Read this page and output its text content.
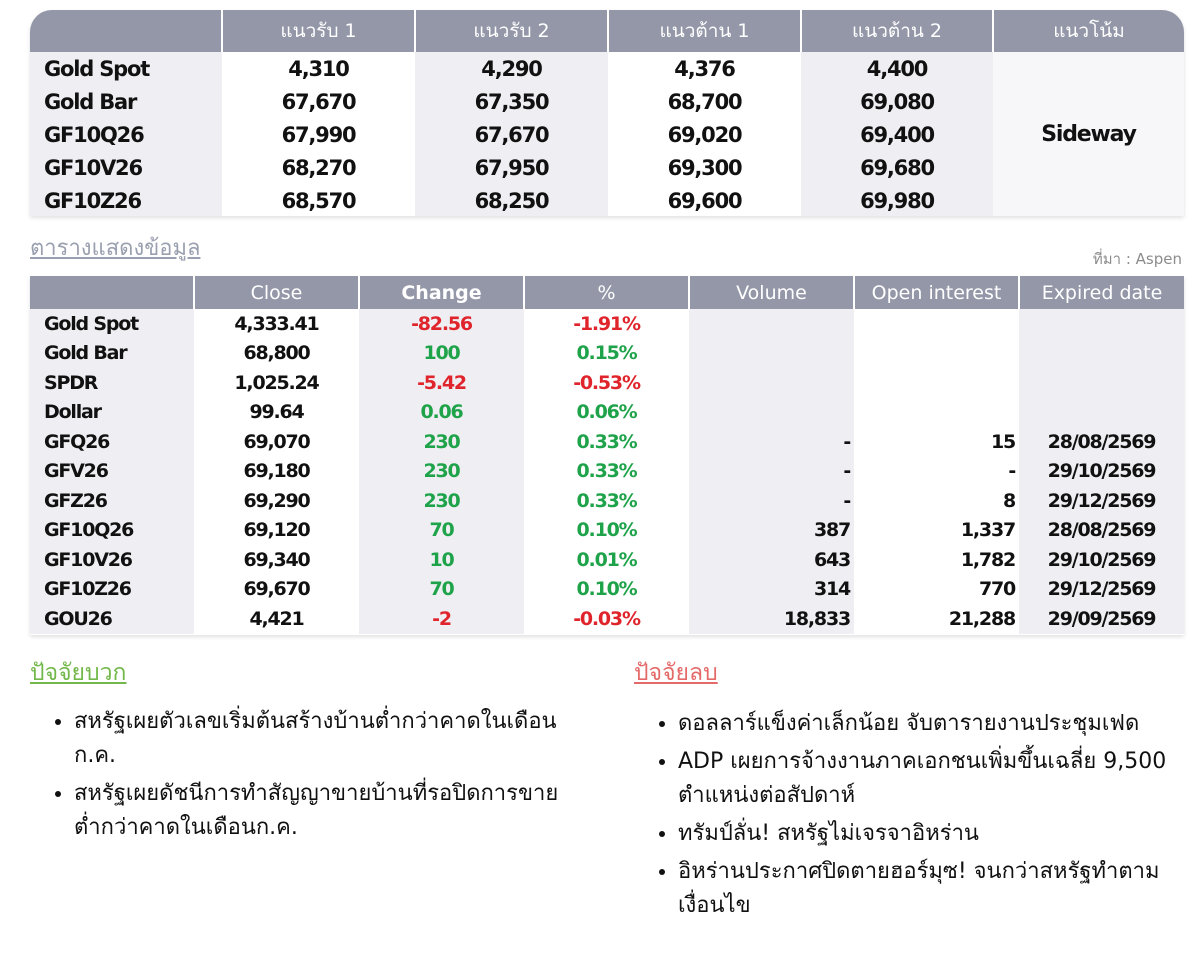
	แนวรับ 1	แนวรับ 2	แนวต้าน 1	แนวต้าน 2	แนวโน้ม
Gold Spot	4,310	4,290	4,376	4,400	Sideway
Gold Bar	67,670	67,350	68,700	69,080	
GF10Q26	67,990	67,670	69,020	69,400	
GF10V26	68,270	67,950	69,300	69,680	
GF10Z26	68,570	68,250	69,600	69,980	
ตารางแสดงข้อมูล	ที่มา : Aspen
	Close	Change	%	Volume	Open interest	Expired date
Gold Spot	4,333.41	-82.56	-1.91%			
Gold Bar	68,800	100	0.15%			
SPDR	1,025.24	-5.42	-0.53%			
Dollar	99.64	0.06	0.06%			
GFQ26	69,070	230	0.33%	-	15	28/08/2569
GFV26	69,180	230	0.33%	-	-	29/10/2569
GFZ26	69,290	230	0.33%	-	8	29/12/2569
GF10Q26	69,120	70	0.10%	387	1,337	28/08/2569
GF10V26	69,340	10	0.01%	643	1,782	29/10/2569
GF10Z26	69,670	70	0.10%	314	770	29/12/2569
GOU26	4,421	-2	-0.03%	18,833	21,288	29/09/2569
ปัจจัยบวก
• สหรัฐเผยตัวเลขเริ่มต้นสร้างบ้านต่ำกว่าคาดในเดือนก.ค.
• สหรัฐเผยดัชนีการทำสัญญาขายบ้านที่รอปิดการขายต่ำกว่าคาดในเดือนก.ค.
ปัจจัยลบ
• ดอลลาร์แข็งค่าเล็กน้อย จับตารายงานประชุมเฟด
• ADP เผยการจ้างงานภาคเอกชนเพิ่มขึ้นเฉลี่ย 9,500 ตำแหน่งต่อสัปดาห์
• ทรัมป์ลั่น! สหรัฐไม่เจรจาอิหร่าน
• อิหร่านประกาศปิดตายฮอร์มุซ! จนกว่าสหรัฐทำตามเงื่อนไข
